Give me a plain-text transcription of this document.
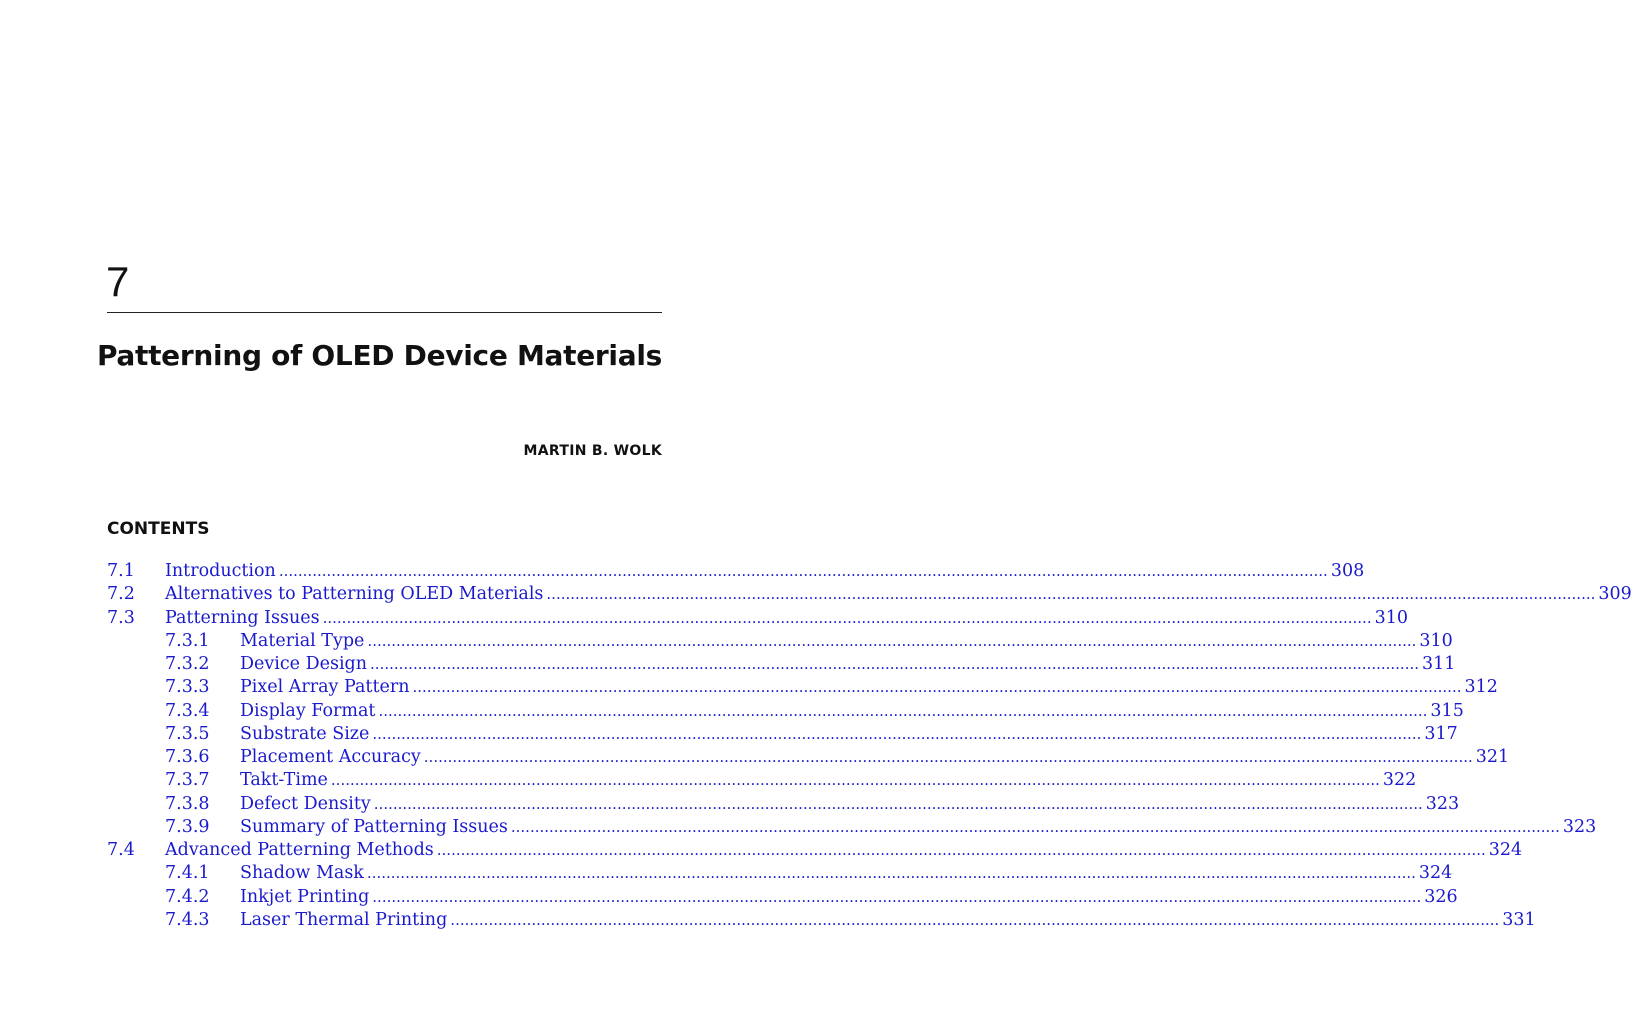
7
Patterning of OLED Device Materials
MARTIN B. WOLK
CONTENTS
7.1	Introduction ............................................................................................................................................................................................................................ 308
7.2	Alternatives to Patterning OLED Materials ............................................................................................................................................................................................................................ 309
7.3	Patterning Issues ............................................................................................................................................................................................................................ 310
7.3.1	Material Type ............................................................................................................................................................................................................................ 310
7.3.2	Device Design ............................................................................................................................................................................................................................ 311
7.3.3	Pixel Array Pattern ............................................................................................................................................................................................................................ 312
7.3.4	Display Format ............................................................................................................................................................................................................................ 315
7.3.5	Substrate Size ............................................................................................................................................................................................................................ 317
7.3.6	Placement Accuracy ............................................................................................................................................................................................................................ 321
7.3.7	Takt-Time ............................................................................................................................................................................................................................ 322
7.3.8	Defect Density ............................................................................................................................................................................................................................ 323
7.3.9	Summary of Patterning Issues ............................................................................................................................................................................................................................ 323
7.4	Advanced Patterning Methods ............................................................................................................................................................................................................................ 324
7.4.1	Shadow Mask ............................................................................................................................................................................................................................ 324
7.4.2	Inkjet Printing ............................................................................................................................................................................................................................ 326
7.4.3	Laser Thermal Printing ............................................................................................................................................................................................................................ 331
